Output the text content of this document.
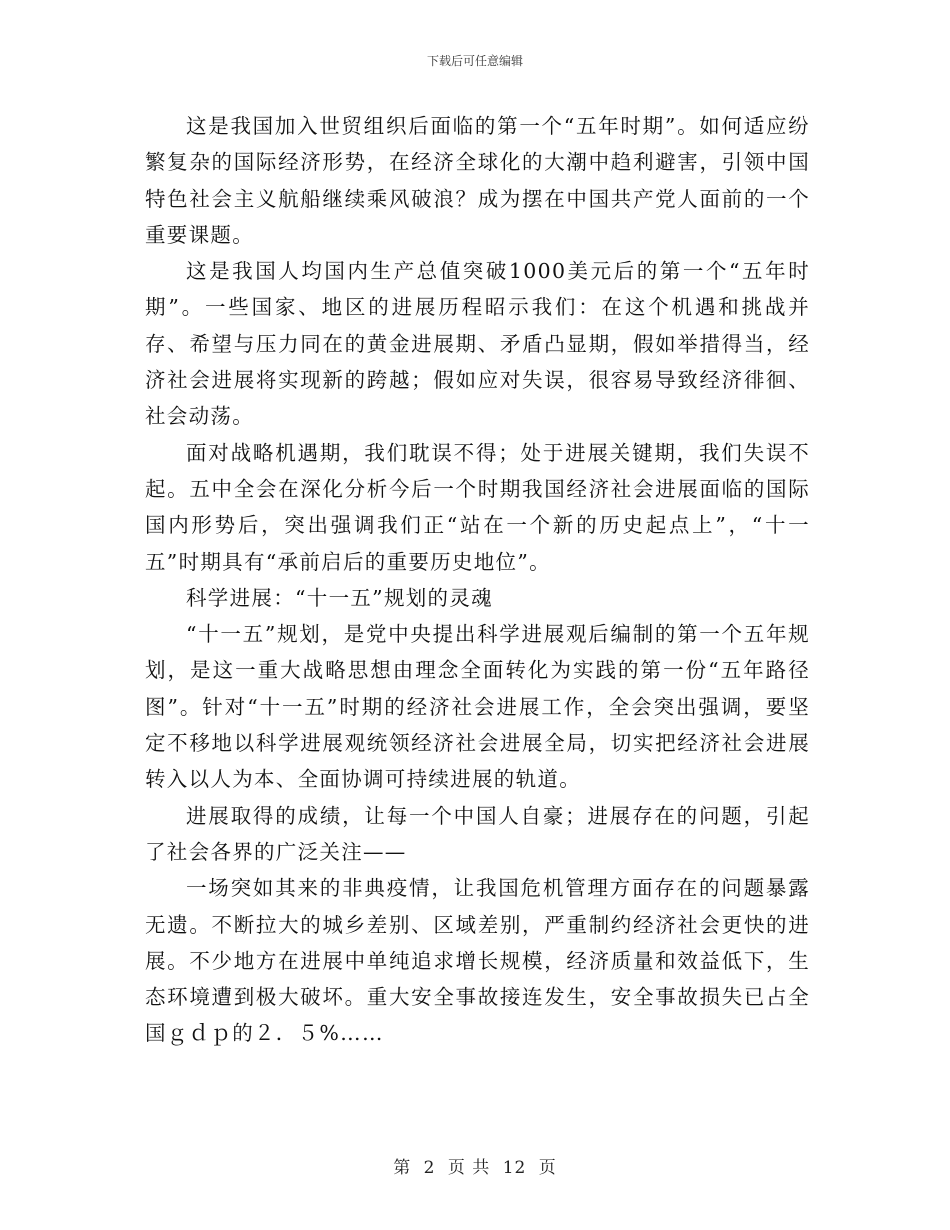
下载后可任意编辑

这是我国加入世贸组织后面临的第一个“五年时期”。如何适应纷繁复杂的国际经济形势，在经济全球化的大潮中趋利避害，引领中国特色社会主义航船继续乘风破浪？成为摆在中国共产党人面前的一个重要课题。

这是我国人均国内生产总值突破1000美元后的第一个“五年时期”。一些国家、地区的进展历程昭示我们：在这个机遇和挑战并存、希望与压力同在的黄金进展期、矛盾凸显期，假如举措得当，经济社会进展将实现新的跨越；假如应对失误，很容易导致经济徘徊、社会动荡。

面对战略机遇期，我们耽误不得；处于进展关键期，我们失误不起。五中全会在深化分析今后一个时期我国经济社会进展面临的国际国内形势后，突出强调我们正“站在一个新的历史起点上”，“十一五”时期具有“承前启后的重要历史地位”。

科学进展：“十一五”规划的灵魂

“十一五”规划，是党中央提出科学进展观后编制的第一个五年规划，是这一重大战略思想由理念全面转化为实践的第一份“五年路径图”。针对“十一五”时期的经济社会进展工作，全会突出强调，要坚定不移地以科学进展观统领经济社会进展全局，切实把经济社会进展转入以人为本、全面协调可持续进展的轨道。

进展取得的成绩，让每一个中国人自豪；进展存在的问题，引起了社会各界的广泛关注——

一场突如其来的非典疫情，让我国危机管理方面存在的问题暴露无遗。不断拉大的城乡差别、区域差别，严重制约经济社会更快的进展。不少地方在进展中单纯追求增长规模，经济质量和效益低下，生态环境遭到极大破坏。重大安全事故接连发生，安全事故损失已占全国ｇｄｐ的２．５%……

第 2 页 共 12 页
